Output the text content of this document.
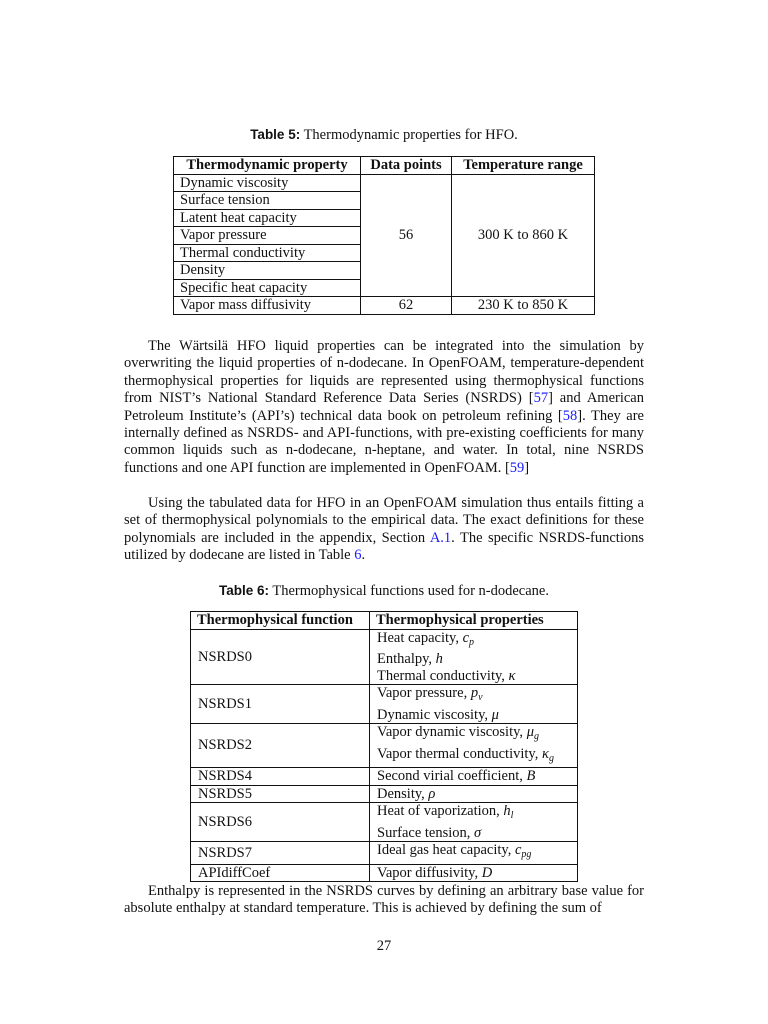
Table 5: Thermodynamic properties for HFO.
Thermodynamic property	Data points	Temperature range
Dynamic viscosity	56	300 K to 860 K
Surface tension		
Latent heat capacity		
Vapor pressure		
Thermal conductivity		
Density		
Specific heat capacity		
Vapor mass diffusivity	62	230 K to 850 K
The Wärtsilä HFO liquid properties can be integrated into the simulation by overwriting the liquid properties of n-dodecane. In OpenFOAM, temperature-dependent thermophysical properties for liquids are represented using thermophysical functions from NIST’s National Standard Reference Data Series (NSRDS) [57] and American Petroleum Institute’s (API’s) technical data book on petroleum refining [58]. They are internally defined as NSRDS- and API-functions, with pre-existing coefficients for many common liquids such as n-dodecane, n-heptane, and water. In total, nine NSRDS functions and one API function are implemented in OpenFOAM. [59]
Using the tabulated data for HFO in an OpenFOAM simulation thus entails fitting a set of thermophysical polynomials to the empirical data. The exact definitions for these polynomials are included in the appendix, Section A.1. The specific NSRDS-functions utilized by dodecane are listed in Table 6.
Table 6: Thermophysical functions used for n-dodecane.
Thermophysical function	Thermophysical properties
NSRDS0	Heat capacity, $c_p$
Enthalpy, h
Thermal conductivity, κ

NSRDS1	Vapor pressure, $p_v$
Dynamic viscosity, μ

NSRDS2	Vapor dynamic viscosity, $\mu_g$
Vapor thermal conductivity, $\kappa_g$

NSRDS4	Second virial coefficient, B
NSRDS5	Density, ρ
NSRDS6	Heat of vaporization, $h_l$
Surface tension, σ

NSRDS7	Ideal gas heat capacity, $c_{pg}$
APIdiffCoef	Vapor diffusivity, D
Enthalpy is represented in the NSRDS curves by defining an arbitrary base value for absolute enthalpy at standard temperature. This is achieved by defining the sum of
27
